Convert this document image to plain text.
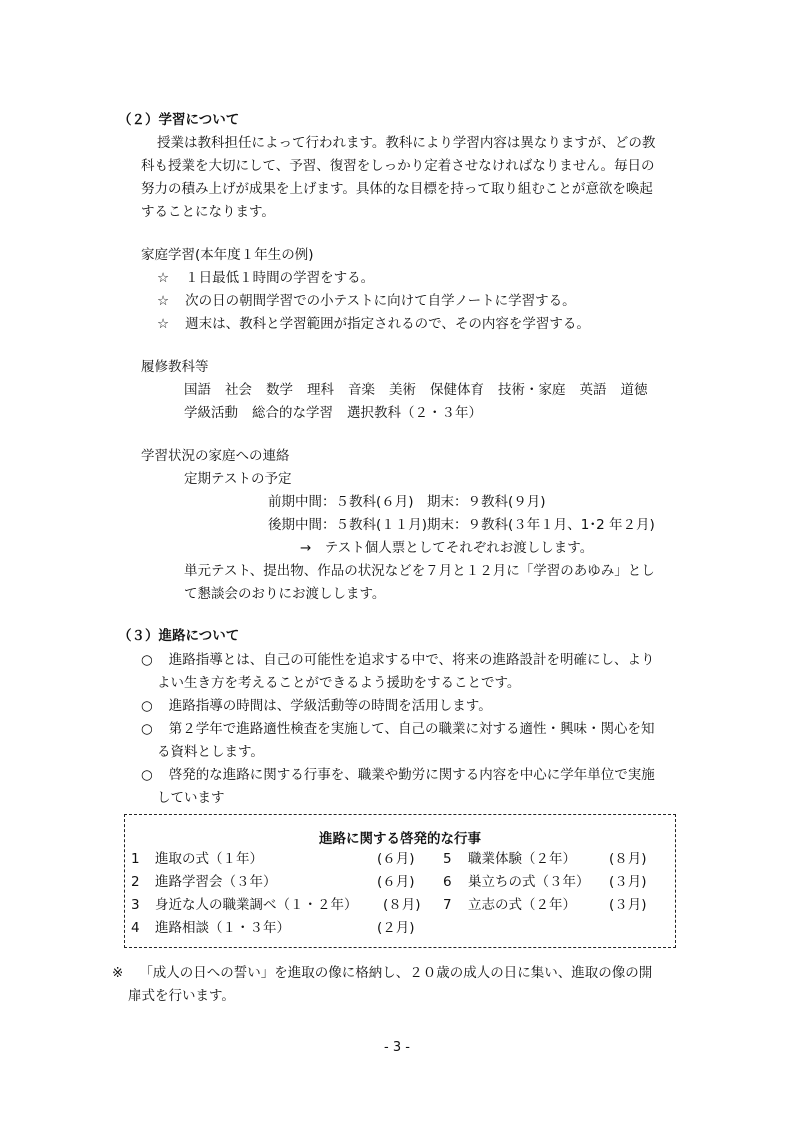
（２）学習について
授業は教科担任によって行われます。教科により学習内容は異なりますが、どの教
科も授業を大切にして、予習、復習をしっかり定着させなければなりません。毎日の
努力の積み上げが成果を上げます。具体的な目標を持って取り組むことが意欲を喚起
することになります。
家庭学習(本年度１年生の例)
☆ １日最低１時間の学習をする。
☆ 次の日の朝間学習での小テストに向けて自学ノートに学習する。
☆ 週末は、教科と学習範囲が指定されるので、その内容を学習する。
履修教科等
国語 社会 数学 理科 音楽 美術 保健体育 技術・家庭 英語 道徳
学級活動 総合的な学習 選択教科（２・３年）
学習状況の家庭への連絡
定期テストの予定
前期中間：５教科(６月)　期末：９教科(９月)
後期中間：５教科(１１月)期末：９教科(３年１月、1･2 年２月)
→　テスト個人票としてそれぞれお渡しします。
単元テスト、提出物、作品の状況などを７月と１２月に「学習のあゆみ」とし
て懇談会のおりにお渡しします。
（３）進路について
○ 進路指導とは、自己の可能性を追求する中で、将来の進路設計を明確にし、より
よい生き方を考えることができるよう援助をすることです。
○ 進路指導の時間は、学級活動等の時間を活用します。
○ 第２学年で進路適性検査を実施して、自己の職業に対する適性・興味・関心を知
る資料とします。
○ 啓発的な進路に関する行事を、職業や勤労に関する内容を中心に学年単位で実施
しています
進路に関する啓発的な行事
1 進取の式（１年）	(６月) 5 職業体験（２年） (８月)
2 進路学習会（３年）	(６月) 6 巣立ちの式（３年） (３月)
3 身近な人の職業調べ（１・２年） (８月) 7 立志の式（２年） (３月)
4 進路相談（１・３年）	(２月)
※ 「成人の日への誓い」を進取の像に格納し、２０歳の成人の日に集い、進取の像の開
扉式を行います。
- 3 -
